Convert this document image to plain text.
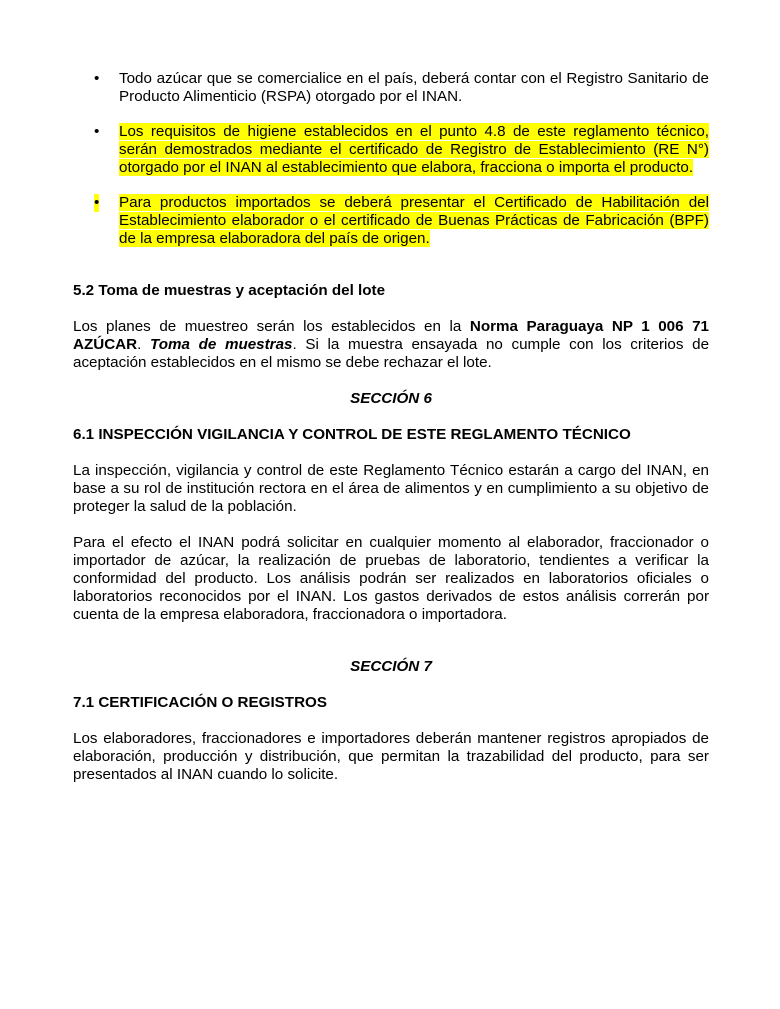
• Todo azúcar que se comercialice en el país, deberá contar con el Registro Sanitario de Producto Alimenticio (RSPA) otorgado por el INAN.
• Los requisitos de higiene establecidos en el punto 4.8 de este reglamento técnico, serán demostrados mediante el certificado de Registro de Establecimiento (RE N°) otorgado por el INAN al establecimiento que elabora, fracciona o importa el producto.
• Para productos importados se deberá presentar el Certificado de Habilitación del Establecimiento elaborador o el certificado de Buenas Prácticas de Fabricación (BPF) de la empresa elaboradora del país de origen.

5.2 Toma de muestras y aceptación del lote

Los planes de muestreo serán los establecidos en la Norma Paraguaya NP 1 006 71 AZÚCAR. Toma de muestras. Si la muestra ensayada no cumple con los criterios de aceptación establecidos en el mismo se debe rechazar el lote.

SECCIÓN 6

6.1 INSPECCIÓN VIGILANCIA Y CONTROL DE ESTE REGLAMENTO TÉCNICO

La inspección, vigilancia y control de este Reglamento Técnico estarán a cargo del INAN, en base a su rol de institución rectora en el área de alimentos y en cumplimiento a su objetivo de proteger la salud de la población.

Para el efecto el INAN podrá solicitar en cualquier momento al elaborador, fraccionador o importador de azúcar, la realización de pruebas de laboratorio, tendientes a verificar la conformidad del producto. Los análisis podrán ser realizados en laboratorios oficiales o laboratorios reconocidos por el INAN. Los gastos derivados de estos análisis correrán por cuenta de la empresa elaboradora, fraccionadora o importadora.

SECCIÓN 7

7.1 CERTIFICACIÓN O REGISTROS

Los elaboradores, fraccionadores e importadores deberán mantener registros apropiados de elaboración, producción y distribución, que permitan la trazabilidad del producto, para ser presentados al INAN cuando lo solicite.
